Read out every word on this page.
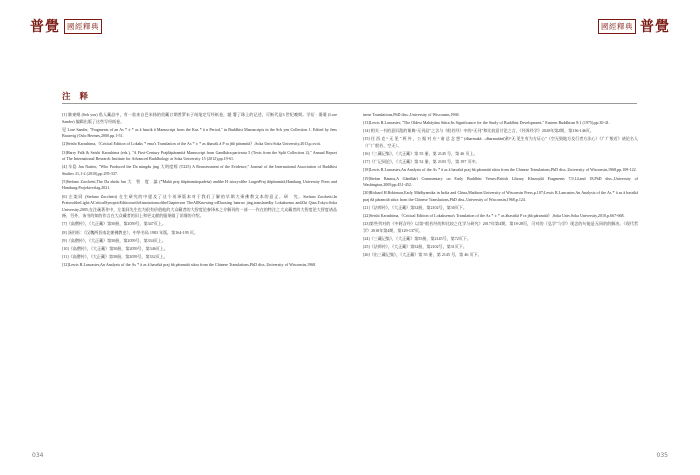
普覺 國經釋典	國經釋典 普覺
注 释

[1] 黎東岷 (Seh you) 私人藏品中，有一款来自巴米扬的贵藏订期普罗末子纸笔定写经纸卷，题 署了珠上的记述，可断代是3 世纪晚期。学衍 · 婆婆 (Lore Sander) 编辑出版了这些写经纸卷。

见 Lore Sander, "Fragments of an As * ± * as ā hasrik ā Manuscript from the Kus * ā n Period," in Buddhist Manuscripts in the Sch yen Collection 1. Edited by Jens Braarvig (Oslo:Hermes,2000.pp.1-51.

[2]Seishi Karashima,《Critical Edition of Lokaks * ema's Translation of the As * ± * as āhasrik ā P ra jñā pāramitā》,Soka Univ.Soka University,2013,p.xviii.

[3]Harry Falk & Seishi Karashima (eds.), "A First-Century Prajñāpāramitā Manuscript from Gandhāra:parivarta 5 (Texts from the Split Collection 2)," Annual Report of The International Research Institute for Advanced Buddhology at Soka University 15 (2012),pp.19-61.

[4] 辛島 Jan Nattier, "Who Produced the Da mingdu jing 大明度經 (T225) A Reassessment of the Evidence," Journal of the International Association of Buddhist Studies 31,1-2 (2010),pp.295-337.

[5]Stefano Zacchetti,The Da zhidu lun 大　智　度　論 (*Mahā praj ñāpāramitopadeśa) andthe H istoryofthe LargerPraj ñāpāramitā,Hamburg University Press and Hamburg:Projektverlag,2021.

[6] 左架同 (Stefano Zacchetti) 在生研究的中提及了这个英译版本对于我们了解的早期大乘佛教文本的意义。研　究。Stefano Zacchetti,In PraiseoftheLight:ACriticalSynopticEditionwithAnnotationsoftheChapterson TheAllKnowing-ofDaoxing banruo jing,translatedby Lokaksema andZhi Qian,Tokyo:Soka University,2005,在注疏著作中，左架同先生也为很有价值他的大众藏者的大智度论参译本之介解刊的一部一一作在的特注之大众藏者的大智度论大智度诸品释，另外，该书的知的作言在大众藏者的旧上和更文献的服果做了详细的介绍。

[7]《高僧传》，《大正藏》第50册，第2059号，第347页上。

[8] 汤用彤：《汉魏两晋南北朝佛教史》，中华书局 1983 年版，第164-195 页。

[9]《高僧传》，《大正藏》第50册，第2059号，第334页上。

[10]《高僧传》，《大正藏》第50册，第2059号，第346页上。

[11]《高僧传》，《大正藏》第50册，第2059号，第332页上。

[12]Lewis R.Lancaster,An Analysis of the As * ā as ā hasrikā praj ñā pāramitā sūtra from the Chinese Translations,PhD diss.,University of Wisconsin,1968.

inese Translations,PhD diss.,University of Wisconsin,1968.

[13]Lewis R.Lancaster, "The Oldest Mahāyāna Sūtra:Its Significance for the Study of Buddhist Development," Eastern Buddhism 8:1 (1975),pp.30-41.

[14] 相关一书的意识派的课典“无刊品”之含与《般若经》中的“无刊”和比较意讨论之言，《经界经学》2020年第2期，第136-146页。

[15] 任 西 克 “ 无 见 ” 两 外 ，公 据 对 应 “ 诸 总 念 想 ” (dharmakā ...dharmaśānī)和“无 见生有为方证心”（空无毁地方及行者方法心）《广广般若》诸论名人（广广般若、空无）。

[16]《三藏记集》，《大正藏》第 55 册，第 2145 号，第 46 页上。

[17]《广记同论》，《大正藏》第 52 册，第 2103 号，第 197 页中。

[18]Lewis R.Lancaster,An Analysis of the As * ā as ā hasrikā praj ñā pāramitā sūtra from the Chinese Translations,PhD diss.,University of Wisconsin,1968,pp.109-122.

[19]Stefan Baums,A Gāndhārī Commentary on Early Buddhist Verses:British Library Kharoṣṭhī Fragments 7,9,14,and 18,PhD diss.,University of Washington,2009,pp.451-452.

[20]Richard H.Robinson,Early Mādhyamika in India and China,Madison:University of Wisconsin Press,p.107;Lewis R.Lancaster,An Analysis of the As * ā as ā hasrikā praj ñā pāramitā sūtra from the Chinese Translations,PhD diss.,University of Wisconsin,1968,p.124.

[21]《法师传》，《大正藏》第52册，第2102号，第30页下。

[22]Seishi Karashima,《Critical Edition of Lokaksema's Translation of the As * ± * as āhasrikā P ra jñā pāramitā》,Soka Univ.Soka University,2010,p.667-668.

[23]第些列对的《中阿含经》以第“般若经的和比较之化学与研究》2017年第4期，第18-28页，可对的《弘学”与学》现念的句能是无同的的解决。《现代哲学》2018年第4期，第129-137页。

[24]《三藏记集》，《大正藏》第55册，第2145号，第72页下。

[25]《法师传》，《大正藏》第52册，第2102号，第31页下。

[26]《出三藏记集》，《大正藏》第 55 册，第 2145 号，第 46 页下。

034	035
